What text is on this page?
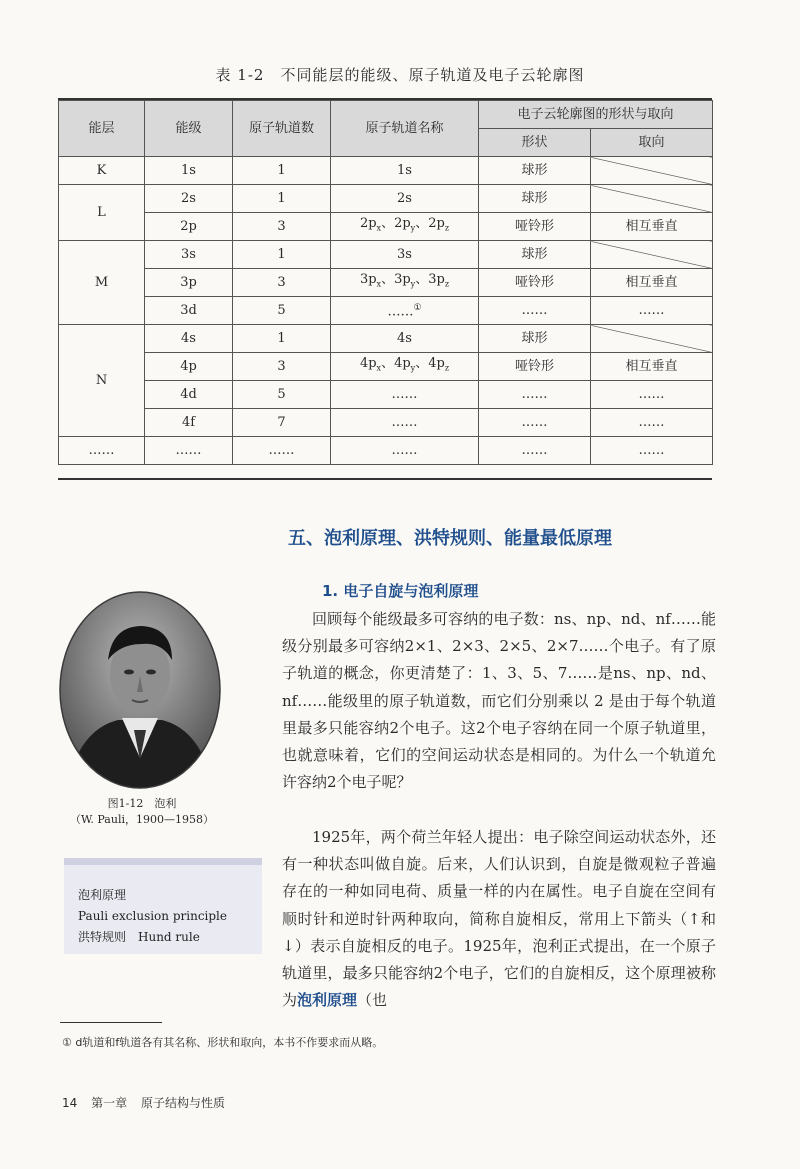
表 1-2　不同能层的能级、原子轨道及电子云轮廓图
能层	能级	原子轨道数	原子轨道名称	电子云轮廓图的形状与取向	
				形状	取向
K	1s	1	1s	球形	
L	2s	1	2s	球形	
	2p	3	$2p_x$、$2p_y$、$2p_z$	哑铃形	相互垂直
M	3s	1	3s	球形	
	3p	3	$3p_x$、$3p_y$、$3p_z$	哑铃形	相互垂直
	3d	5	……①	……	……
N	4s	1	4s	球形	
	4p	3	$4p_x$、$4p_y$、$4p_z$	哑铃形	相互垂直
	4d	5	……	……	……
	4f	7	……	……	……
……	……	……	……	……	……
五、泡利原理、洪特规则、能量最低原理
1. 电子自旋与泡利原理
图1-12　泡利
（W. Pauli，1900—1958）
泡利原理
Pauli exclusion principle
洪特规则　Hund rule
回顾每个能级最多可容纳的电子数：ns、np、nd、nf……能级分别最多可容纳2×1、2×3、2×5、2×7……个电子。有了原子轨道的概念，你更清楚了：1、3、5、7……是ns、np、nd、nf……能级里的原子轨道数，而它们分别乘以 2 是由于每个轨道里最多只能容纳2个电子。这2个电子容纳在同一个原子轨道里，也就意味着，它们的空间运动状态是相同的。为什么一个轨道允许容纳2个电子呢？
1925年，两个荷兰年轻人提出：电子除空间运动状态外，还有一种状态叫做自旋。后来，人们认识到，自旋是微观粒子普遍存在的一种如同电荷、质量一样的内在属性。电子自旋在空间有顺时针和逆时针两种取向，简称自旋相反，常用上下箭头（↑和↓）表示自旋相反的电子。1925年，泡利正式提出，在一个原子轨道里，最多只能容纳2个电子，它们的自旋相反，这个原理被称为泡利原理（也
① d轨道和f轨道各有其名称、形状和取向，本书不作要求而从略。
14 第一章 原子结构与性质
